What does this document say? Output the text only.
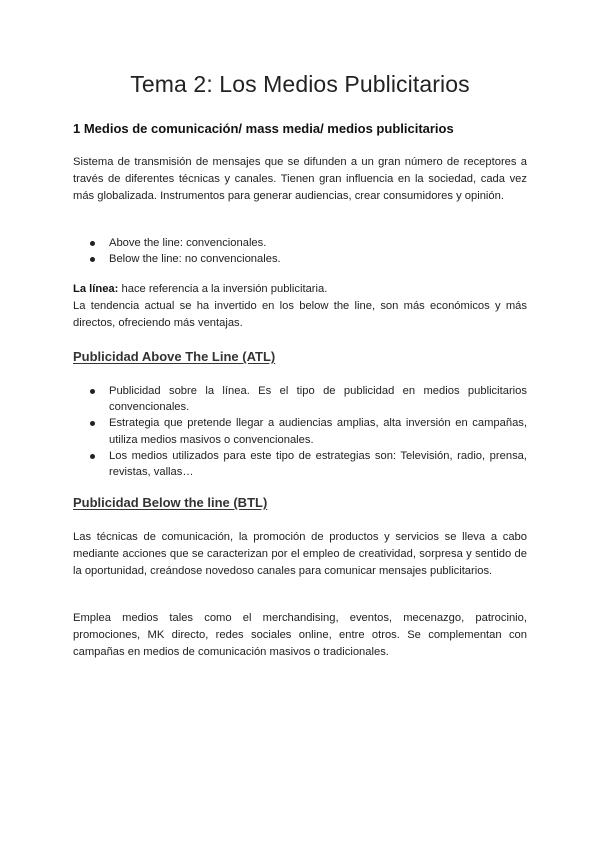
Tema 2: Los Medios Publicitarios
1 Medios de comunicación/ mass media/ medios publicitarios

Sistema de transmisión de mensajes que se difunden a un gran número de receptores a través de diferentes técnicas y canales. Tienen gran influencia en la sociedad, cada vez más globalizada. Instrumentos para generar audiencias, crear consumidores y opinión.

Above the line: convencionales.
Below the line: no convencionales.

La línea: hace referencia a la inversión publicitaria.

La tendencia actual se ha invertido en los below the line, son más económicos y más directos, ofreciendo más ventajas.

Publicidad Above The Line (ATL)
Publicidad sobre la línea. Es el tipo de publicidad en medios publicitarios convencionales.
Estrategia que pretende llegar a audiencias amplias, alta inversión en campañas, utiliza medios masivos o convencionales.
Los medios utilizados para este tipo de estrategias son: Televisión, radio, prensa, revistas, vallas…
Publicidad Below the line (BTL)

Las técnicas de comunicación, la promoción de productos y servicios se lleva a cabo mediante acciones que se caracterizan por el empleo de creatividad, sorpresa y sentido de la oportunidad, creándose novedoso canales para comunicar mensajes publicitarios.

Emplea medios tales como el merchandising, eventos, mecenazgo, patrocinio, promociones, MK directo, redes sociales online, entre otros. Se complementan con campañas en medios de comunicación masivos o tradicionales.
